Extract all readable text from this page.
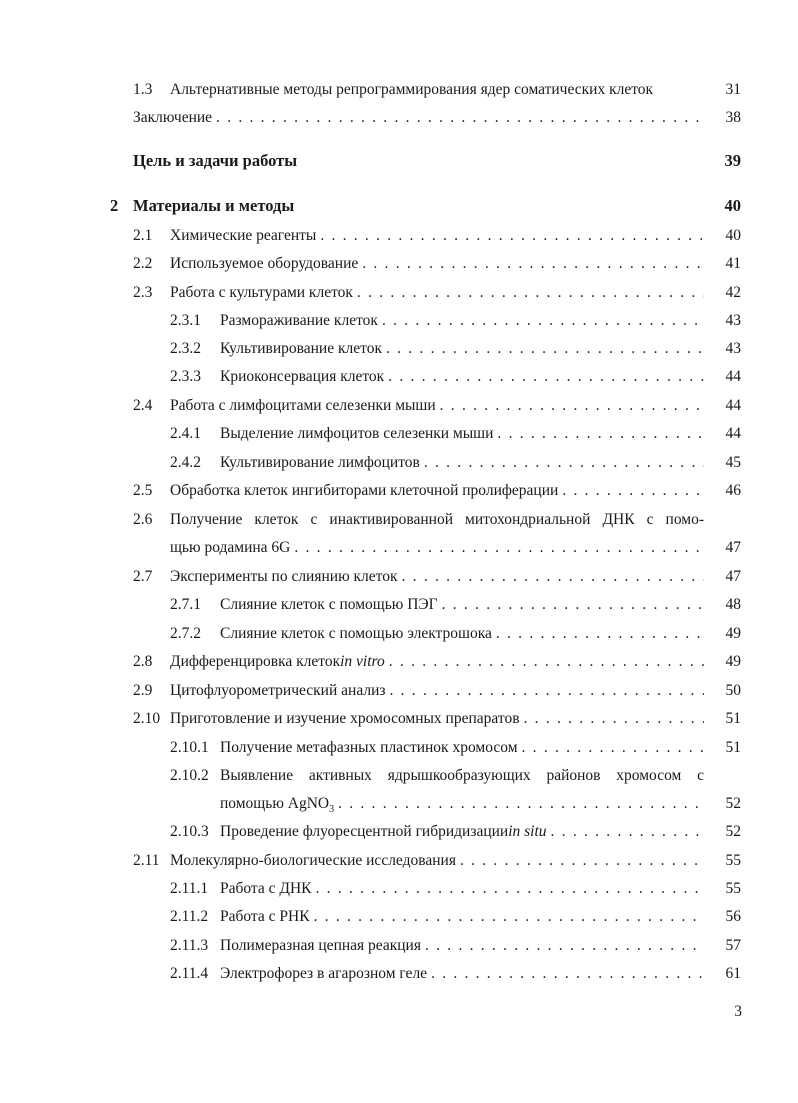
1.3 Альтернативные методы репрограммирования ядер соматических клеток	31
Заключение . . .	38
Цель и задачи работы	39
2 Материалы и методы	40
2.1 Химические реагенты . . .	40
2.2 Используемое оборудование . . .	41
2.3 Работа с культурами клеток . . .	42
2.3.1 Размораживание клеток . . .	43
2.3.2 Культивирование клеток . . .	43
2.3.3 Криоконсервация клеток . . .	44
2.4 Работа с лимфоцитами селезенки мыши . . .	44
2.4.1 Выделение лимфоцитов селезенки мыши . . .	44
2.4.2 Культивирование лимфоцитов . . .	45
2.5 Обработка клеток ингибиторами клеточной пролиферации . . .	46
2.6 Получение клеток с инактивированной митохондриальной ДНК с помо-
щью родамина 6G . . .	47
2.7 Эксперименты по слиянию клеток . . .	47
2.7.1 Слияние клеток с помощью ПЭГ . . .	48
2.7.2 Слияние клеток с помощью электрошока . . .	49
2.8 Дифференцировка клеток in vitro . . .	49
2.9 Цитофлуорометрический анализ . . .	50
2.10 Приготовление и изучение хромосомных препаратов . . .	51
2.10.1 Получение метафазных пластинок хромосом . . .	51
2.10.2 Выявление активных ядрышкообразующих районов хромосом с
помощью AgNO$_3$ . . .	52
2.10.3 Проведение флуоресцентной гибридизации in situ . . .	52
2.11 Молекулярно-биологические исследования . . .	55
2.11.1 Работа с ДНК . . .	55
2.11.2 Работа с РНК . . .	56
2.11.3 Полимеразная цепная реакция . . .	57
2.11.4 Электрофорез в агарозном геле . . .	61
3
